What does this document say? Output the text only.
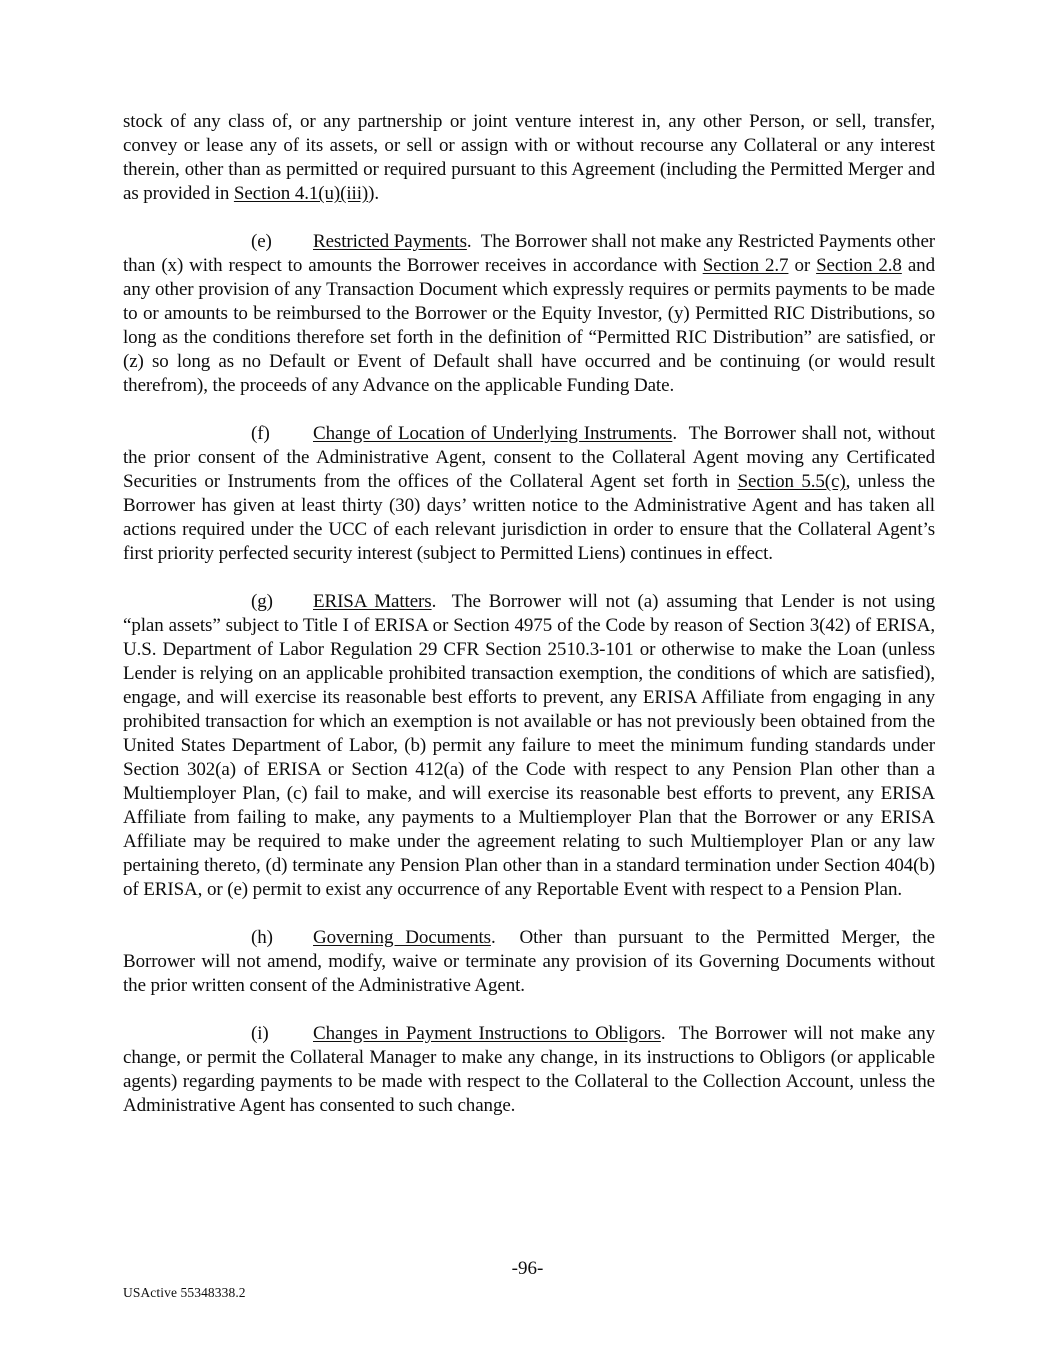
stock of any class of, or any partnership or joint venture interest in, any other Person, or sell, transfer, convey or lease any of its assets, or sell or assign with or without recourse any Collateral or any interest therein, other than as permitted or required pursuant to this Agreement (including the Permitted Merger and as provided in Section 4.1(u)(iii)).

(e) Restricted Payments.  The Borrower shall not make any Restricted Payments other than (x) with respect to amounts the Borrower receives in accordance with Section 2.7 or Section 2.8 and any other provision of any Transaction Document which expressly requires or permits payments to be made to or amounts to be reimbursed to the Borrower or the Equity Investor, (y) Permitted RIC Distributions, so long as the conditions therefore set forth in the definition of “Permitted RIC Distribution” are satisfied, or (z) so long as no Default or Event of Default shall have occurred and be continuing (or would result therefrom), the proceeds of any Advance on the applicable Funding Date.

(f) Change of Location of Underlying Instruments.  The Borrower shall not, without the prior consent of the Administrative Agent, consent to the Collateral Agent moving any Certificated Securities or Instruments from the offices of the Collateral Agent set forth in Section 5.5(c), unless the Borrower has given at least thirty (30) days’ written notice to the Administrative Agent and has taken all actions required under the UCC of each relevant jurisdiction in order to ensure that the Collateral Agent’s first priority perfected security interest (subject to Permitted Liens) continues in effect.

(g) ERISA Matters.  The Borrower will not (a) assuming that Lender is not using “plan assets” subject to Title I of ERISA or Section 4975 of the Code by reason of Section 3(42) of ERISA, U.S. Department of Labor Regulation 29 CFR Section 2510.3-101 or otherwise to make the Loan (unless Lender is relying on an applicable prohibited transaction exemption, the conditions of which are satisfied), engage, and will exercise its reasonable best efforts to prevent, any ERISA Affiliate from engaging in any prohibited transaction for which an exemption is not available or has not previously been obtained from the United States Department of Labor, (b) permit any failure to meet the minimum funding standards under Section 302(a) of ERISA or Section 412(a) of the Code with respect to any Pension Plan other than a Multiemployer Plan, (c) fail to make, and will exercise its reasonable best efforts to prevent, any ERISA Affiliate from failing to make, any payments to a Multiemployer Plan that the Borrower or any ERISA Affiliate may be required to make under the agreement relating to such Multiemployer Plan or any law pertaining thereto, (d) terminate any Pension Plan other than in a standard termination under Section 404(b) of ERISA, or (e) permit to exist any occurrence of any Reportable Event with respect to a Pension Plan.

(h) Governing Documents.  Other than pursuant to the Permitted Merger, the Borrower will not amend, modify, waive or terminate any provision of its Governing Documents without the prior written consent of the Administrative Agent.

(i) Changes in Payment Instructions to Obligors.  The Borrower will not make any change, or permit the Collateral Manager to make any change, in its instructions to Obligors (or applicable agents) regarding payments to be made with respect to the Collateral to the Collection Account, unless the Administrative Agent has consented to such change.

-96-
USActive 55348338.2
